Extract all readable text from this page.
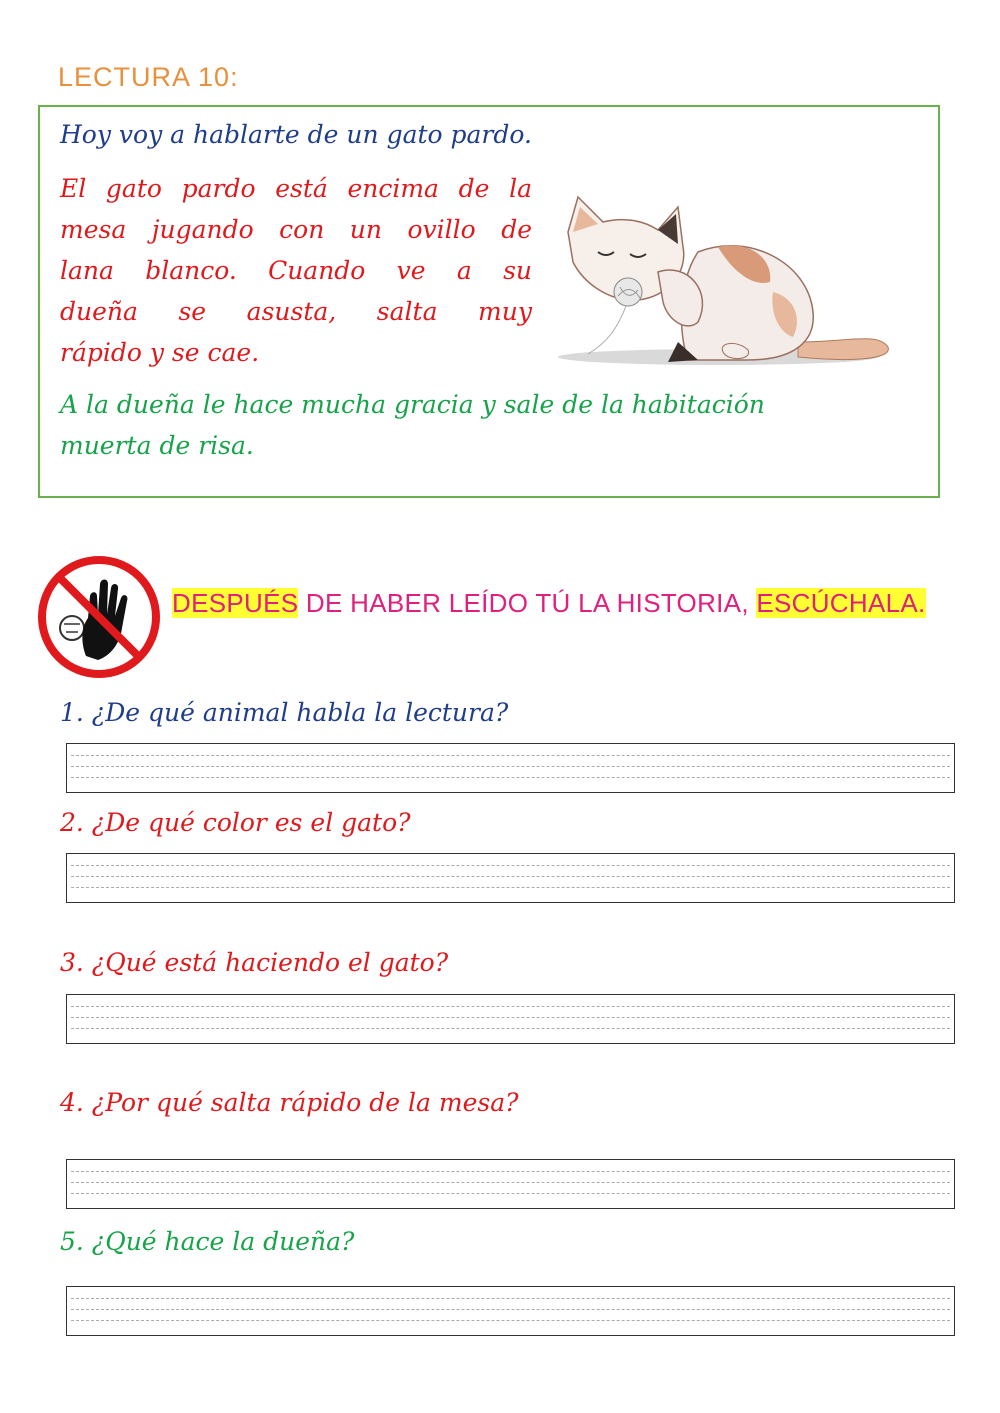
LECTURA 10:
Hoy voy a hablarte de un gato pardo.
El gato pardo está encima de la
mesa jugando con un ovillo de
lana blanco. Cuando ve a su
dueña se asusta, salta muy
rápido y se cae.
A la dueña le hace mucha gracia y sale de la habitación
muerta de risa.
DESPUÉS DE HABER LEÍDO TÚ LA HISTORIA, ESCÚCHALA.
1. ¿De qué animal habla la lectura?
2. ¿De qué color es el gato?
3. ¿Qué está haciendo el gato?
4. ¿Por qué salta rápido de la mesa?
5. ¿Qué hace la dueña?
